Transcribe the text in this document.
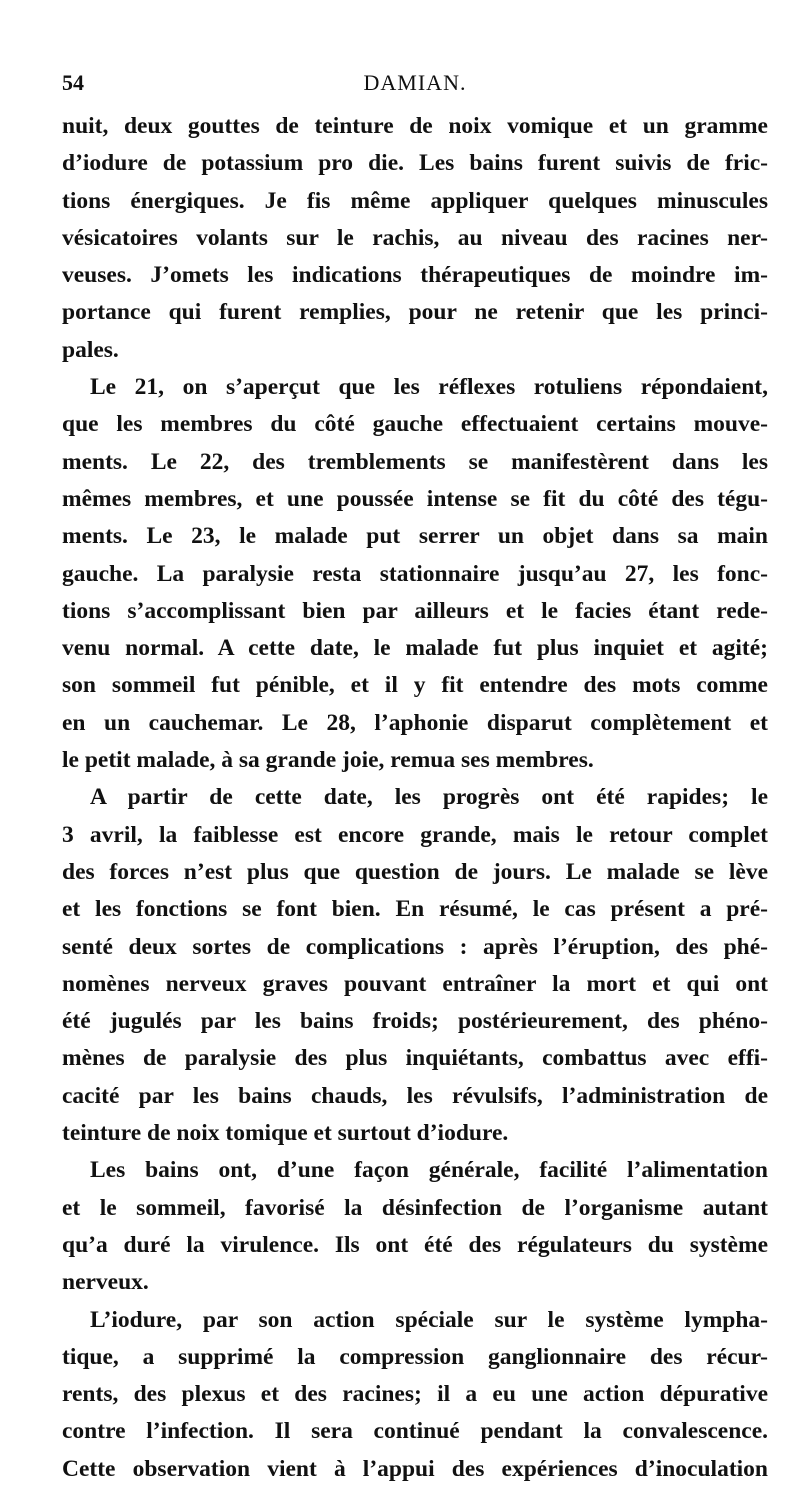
54	DAMIAN.
nuit, deux gouttes de teinture de noix vomique et un gramme
d’iodure de potassium pro die. Les bains furent suivis de fric-
tions énergiques. Je fis même appliquer quelques minuscules
vésicatoires volants sur le rachis, au niveau des racines ner-
veuses. J’omets les indications thérapeutiques de moindre im-
portance qui furent remplies, pour ne retenir que les princi-
pales.
Le 21, on s’aperçut que les réflexes rotuliens répondaient,
que les membres du côté gauche effectuaient certains mouve-
ments. Le 22, des tremblements se manifestèrent dans les
mêmes membres, et une poussée intense se fit du côté des tégu-
ments. Le 23, le malade put serrer un objet dans sa main
gauche. La paralysie resta stationnaire jusqu’au 27, les fonc-
tions s’accomplissant bien par ailleurs et le facies étant rede-
venu normal. A cette date, le malade fut plus inquiet et agité;
son sommeil fut pénible, et il y fit entendre des mots comme
en un cauchemar. Le 28, l’aphonie disparut complètement et
le petit malade, à sa grande joie, remua ses membres.
A partir de cette date, les progrès ont été rapides; le
3 avril, la faiblesse est encore grande, mais le retour complet
des forces n’est plus que question de jours. Le malade se lève
et les fonctions se font bien. En résumé, le cas présent a pré-
senté deux sortes de complications : après l’éruption, des phé-
nomènes nerveux graves pouvant entraîner la mort et qui ont
été jugulés par les bains froids; postérieurement, des phéno-
mènes de paralysie des plus inquiétants, combattus avec effi-
cacité par les bains chauds, les révulsifs, l’administration de
teinture de noix tomique et surtout d’iodure.
Les bains ont, d’une façon générale, facilité l’alimentation
et le sommeil, favorisé la désinfection de l’organisme autant
qu’a duré la virulence. Ils ont été des régulateurs du système
nerveux.
L’iodure, par son action spéciale sur le système lympha-
tique, a supprimé la compression ganglionnaire des récur-
rents, des plexus et des racines; il a eu une action dépurative
contre l’infection. Il sera continué pendant la convalescence.
Cette observation vient à l’appui des expériences d’inoculation
